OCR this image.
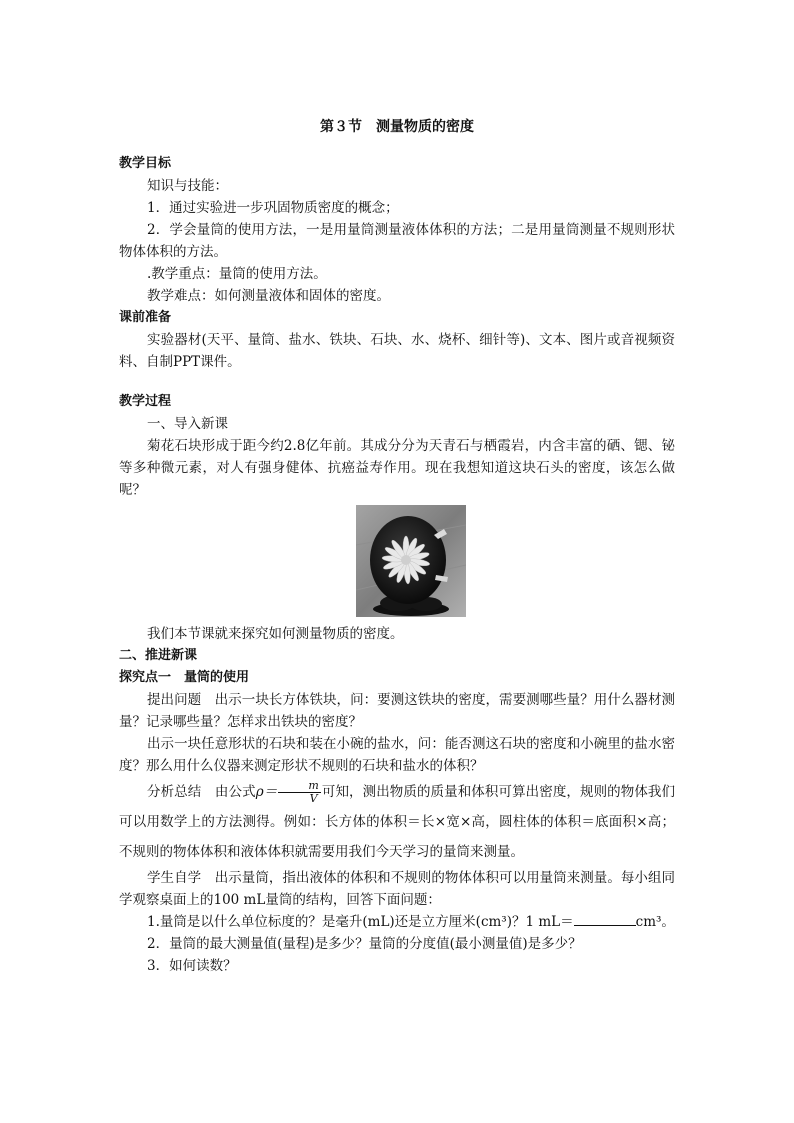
第３节　测量物质的密度

教学目标

知识与技能：

1．通过实验进一步巩固物质密度的概念；

2．学会量筒的使用方法，一是用量筒测量液体体积的方法；二是用量筒测量不规则形状物体体积的方法。

.教学重点：量筒的使用方法。

教学难点：如何测量液体和固体的密度。

课前准备

实验器材(天平、量筒、盐水、铁块、石块、水、烧杯、细针等)、文本、图片或音视频资料、自制PPT课件。

教学过程

一、导入新课

菊花石块形成于距今约2.8亿年前。其成分分为天青石与栖霞岩，内含丰富的硒、锶、铋等多种微元素，对人有强身健体、抗癌益寿作用。现在我想知道这块石头的密度，该怎么做呢？

我们本节课就来探究如何测量物质的密度。

二、推进新课

探究点一　量筒的使用

提出问题　出示一块长方体铁块，问：要测这铁块的密度，需要测哪些量？用什么器材测量？记录哪些量？怎样求出铁块的密度？

出示一块任意形状的石块和装在小碗的盐水，问：能否测这石块的密度和小碗里的盐水密度？那么用什么仪器来测定形状不规则的石块和盐水的体积？

分析总结　由公式$\rho= \frac{m}{V}$ 可知，测出物质的质量和体积可算出密度，规则的物体我们可以用数学上的方法测得。例如：长方体的体积＝长×宽×高，圆柱体的体积＝底面积×高；不规则的物体体积和液体体积就需要用我们今天学习的量筒来测量。

学生自学　出示量筒，指出液体的体积和不规则的物体体积可以用量筒来测量。每小组同学观察桌面上的100 mL量筒的结构，回答下面问题：

1.量筒是以什么单位标度的？是毫升(mL)还是立方厘米(cm³)？1 mL＝	cm³。

2．量筒的最大测量值(量程)是多少？量筒的分度值(最小测量值)是多少？

3．如何读数？
